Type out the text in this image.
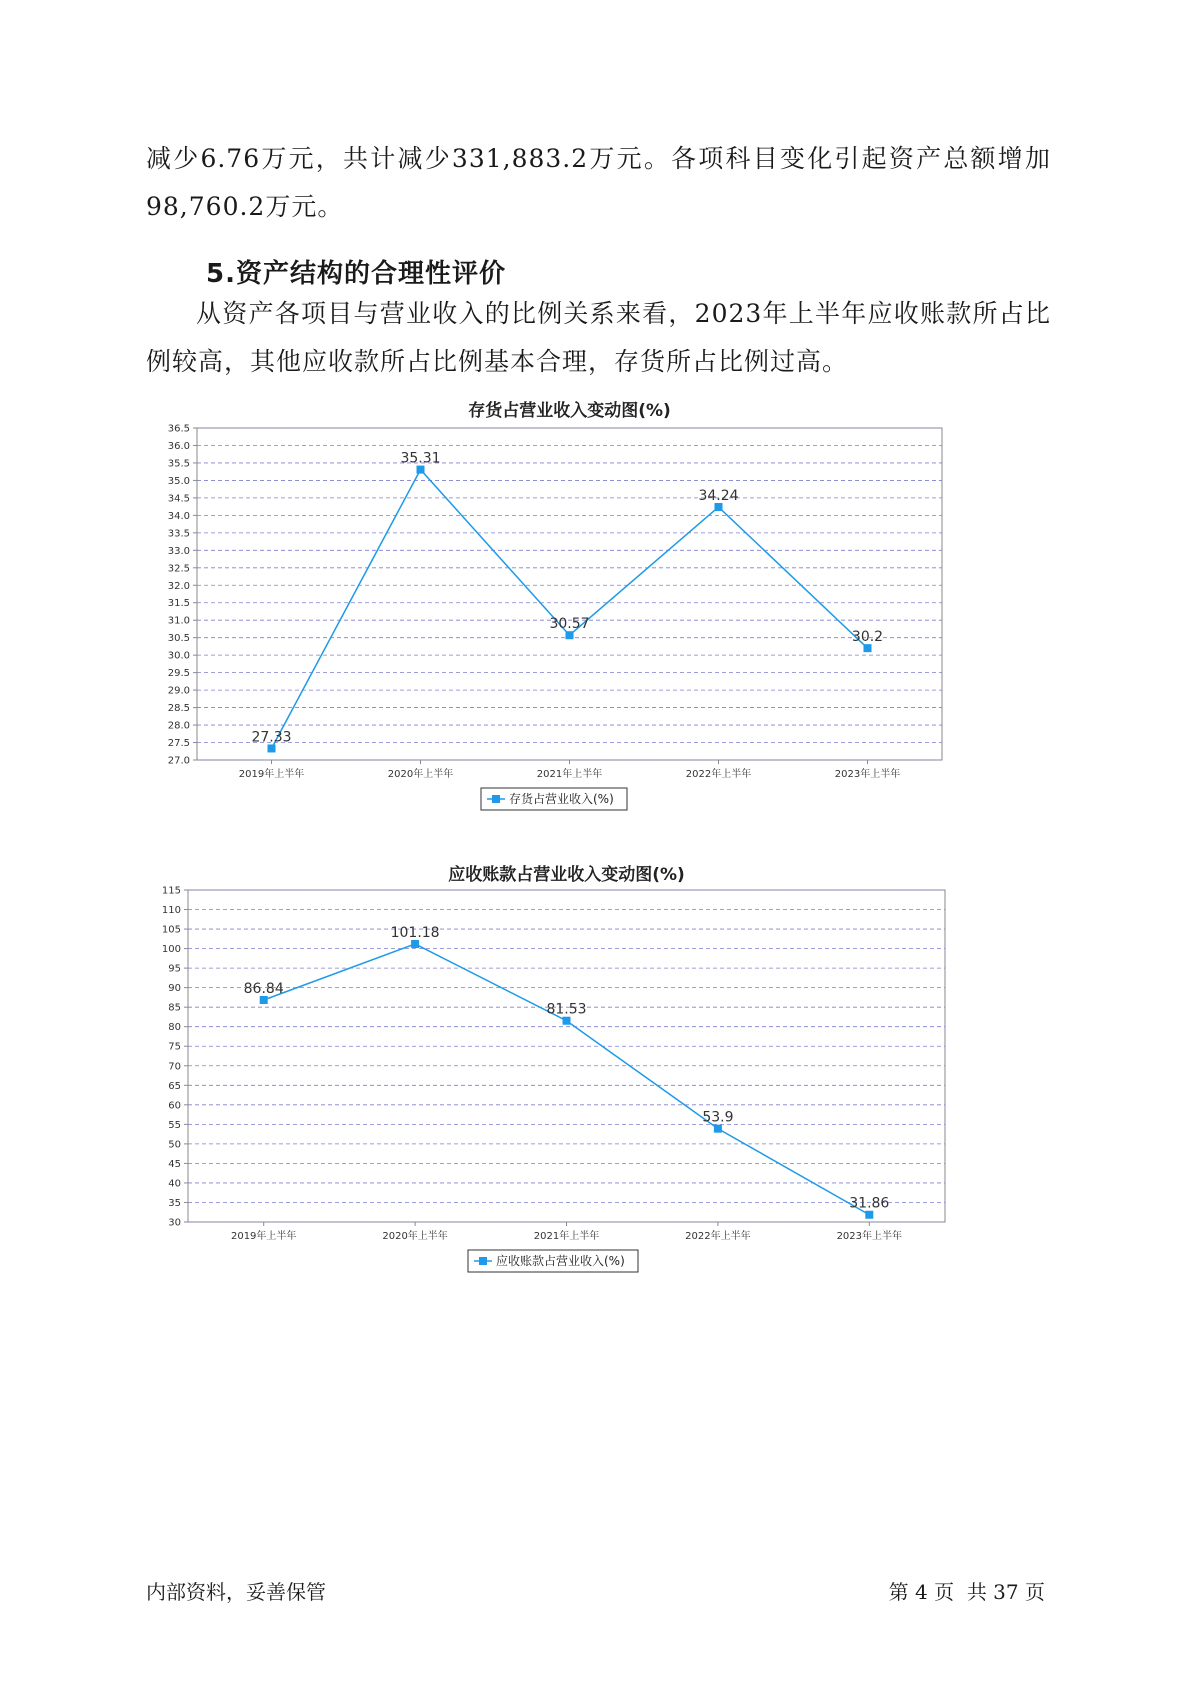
减少6.76万元，共计减少331,883.2万元。各项科目变化引起资产总额增加98,760.2万元。

5.资产结构的合理性评价

从资产各项目与营业收入的比例关系来看，2023年上半年应收账款所占比例较高，其他应收款所占比例基本合理，存货所占比例过高。

存货占营业收入变动图(%)
27.0
27.5
28.0
28.5
29.0
29.5
30.0
30.5
31.0
31.5
32.0
32.5
33.0
33.5
34.0
34.5
35.0
35.5
36.0
36.5
2019年上半年	2020年上半年	2021年上半年	2022年上半年	2023年上半年
27.33
35.31
30.57
34.24
30.2
存货占营业收入(%)
应收账款占营业收入变动图(%)
30
35
40
45
50
55
60
65
70
75
80
85
90
95
100
105
110
115
2019年上半年	2020年上半年	2021年上半年	2022年上半年	2023年上半年
86.84
101.18
81.53
53.9
31.86
应收账款占营业收入(%)

内部资料，妥善保管	第 4 页  共 37 页
